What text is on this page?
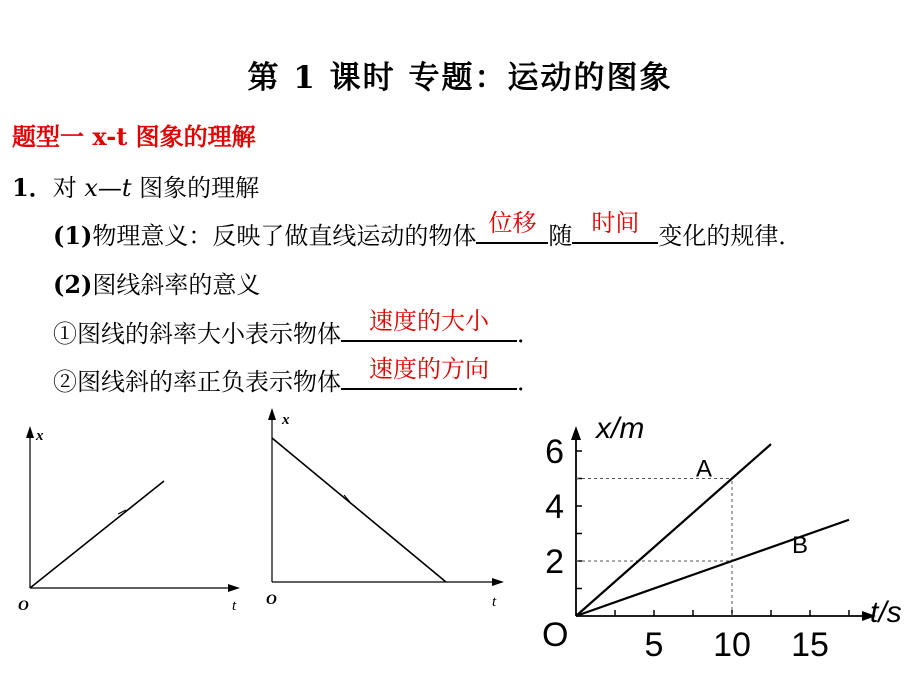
第 1 课时 专题：运动的图象
题型一 x-t 图象的理解
1．对 x—t 图象的理解
(1)物理意义：反映了做直线运动的物体 位移 随 时间 变化的规律．
(2)图线斜率的意义
①图线的斜率大小表示物体	速度的大小	．
②图线斜的率正负表示物体	速度的方向	．
x
t
O
x
t
O
5 10 15
2
4
6	A
B
x/m
t/s
O
